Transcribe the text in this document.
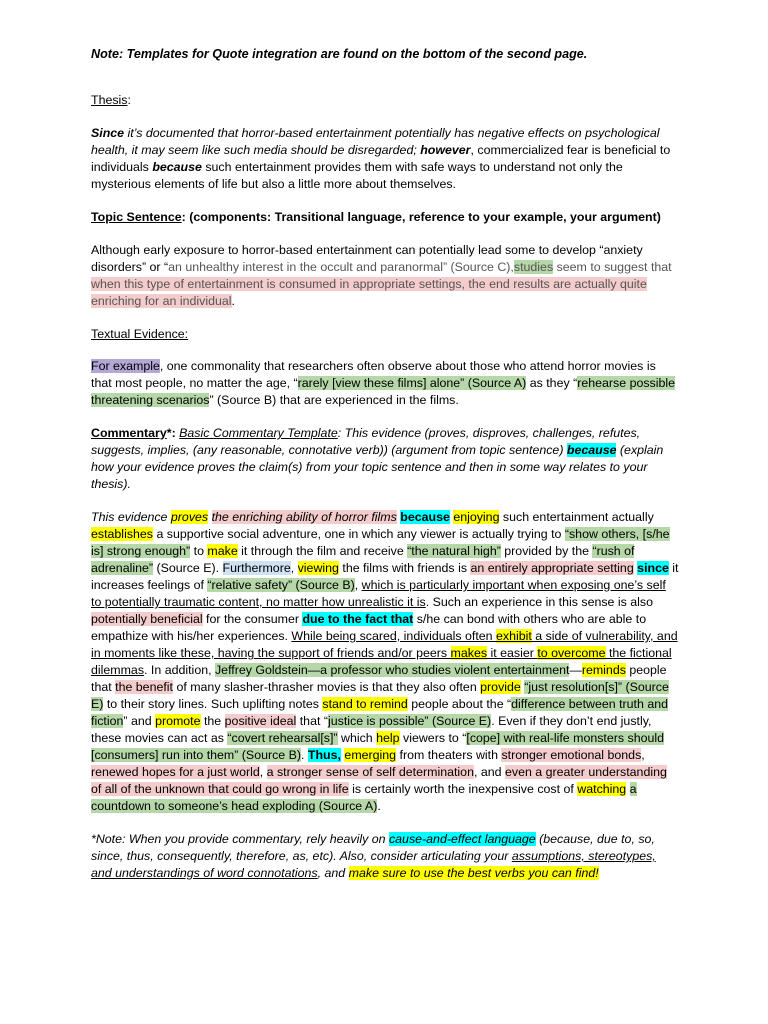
Note: Templates for Quote integration are found on the bottom of the second page.

Thesis:

Since it’s documented that horror-based entertainment potentially has negative effects on psychological health, it may seem like such media should be disregarded; however, commercialized fear is beneficial to individuals because such entertainment provides them with safe ways to understand not only the mysterious elements of life but also a little more about themselves.

Topic Sentence: (components: Transitional language, reference to your example, your argument)

Although early exposure to horror-based entertainment can potentially lead some to develop “anxiety disorders” or “an unhealthy interest in the occult and paranormal” (Source C),studies seem to suggest that when this type of entertainment is consumed in appropriate settings, the end results are actually quite enriching for an individual.

Textual Evidence:

For example, one commonality that researchers often observe about those who attend horror movies is that most people, no matter the age, “rarely [view these films] alone” (Source A) as they “rehearse possible threatening scenarios” (Source B) that are experienced in the films.

Commentary*: Basic Commentary Template: This evidence (proves, disproves, challenges, refutes, suggests, implies, (any reasonable, connotative verb)) (argument from topic sentence) because (explain how your evidence proves the claim(s) from your topic sentence and then in some way relates to your thesis).

This evidence proves the enriching ability of horror films because enjoying such entertainment actually establishes a supportive social adventure, one in which any viewer is actually trying to “show others, [s/he is] strong enough” to make it through the film and receive “the natural high” provided by the “rush of adrenaline” (Source E). Furthermore, viewing the films with friends is an entirely appropriate setting since it increases feelings of “relative safety” (Source B), which is particularly important when exposing one’s self to potentially traumatic content, no matter how unrealistic it is. Such an experience in this sense is also potentially beneficial for the consumer due to the fact that s/he can bond with others who are able to empathize with his/her experiences. While being scared, individuals often exhibit a side of vulnerability, and in moments like these, having the support of friends and/or peers makes it easier to overcome the fictional dilemmas. In addition, Jeffrey Goldstein—a professor who studies violent entertainment—reminds people that the benefit of many slasher-thrasher movies is that they also often provide “just resolution[s]” (Source E) to their story lines. Such uplifting notes stand to remind people about the “difference between truth and fiction” and promote the positive ideal that “justice is possible” (Source E). Even if they don’t end justly, these movies can act as “covert rehearsal[s]” which help viewers to “[cope] with real-life monsters should [consumers] run into them” (Source B). Thus, emerging from theaters with stronger emotional bonds, renewed hopes for a just world, a stronger sense of self determination, and even a greater understanding of all of the unknown that could go wrong in life is certainly worth the inexpensive cost of watching a countdown to someone’s head exploding (Source A).

*Note: When you provide commentary, rely heavily on cause-and-effect language (because, due to, so, since, thus, consequently, therefore, as, etc). Also, consider articulating your assumptions, stereotypes, and understandings of word connotations, and make sure to use the best verbs you can find!
